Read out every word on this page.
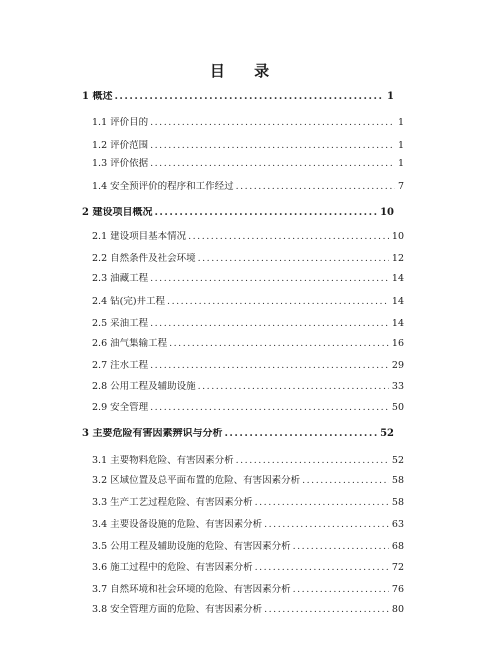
目 录
1 概述 .....	1
1.1 评价目的 .....	1
1.2 评价范围 .....	1
1.3 评价依据 .....	1
1.4 安全预评价的程序和工作经过 .....	7
2 建设项目概况 .....	10
2.1 建设项目基本情况 .....	10
2.2 自然条件及社会环境 .....	12
2.3 油藏工程 .....	14
2.4 钻(完)井工程 .....	14
2.5 采油工程 .....	14
2.6 油气集输工程 .....	16
2.7 注水工程 .....	29
2.8 公用工程及辅助设施 .....	33
2.9 安全管理 .....	50
3 主要危险有害因素辨识与分析 .....	52
3.1 主要物料危险、有害因素分析 .....	52
3.2 区域位置及总平面布置的危险、有害因素分析 .....	58
3.3 生产工艺过程危险、有害因素分析 .....	58
3.4 主要设备设施的危险、有害因素分析 .....	63
3.5 公用工程及辅助设施的危险、有害因素分析 .....	68
3.6 施工过程中的危险、有害因素分析 .....	72
3.7 自然环境和社会环境的危险、有害因素分析 .....	76
3.8 安全管理方面的危险、有害因素分析 .....	80
